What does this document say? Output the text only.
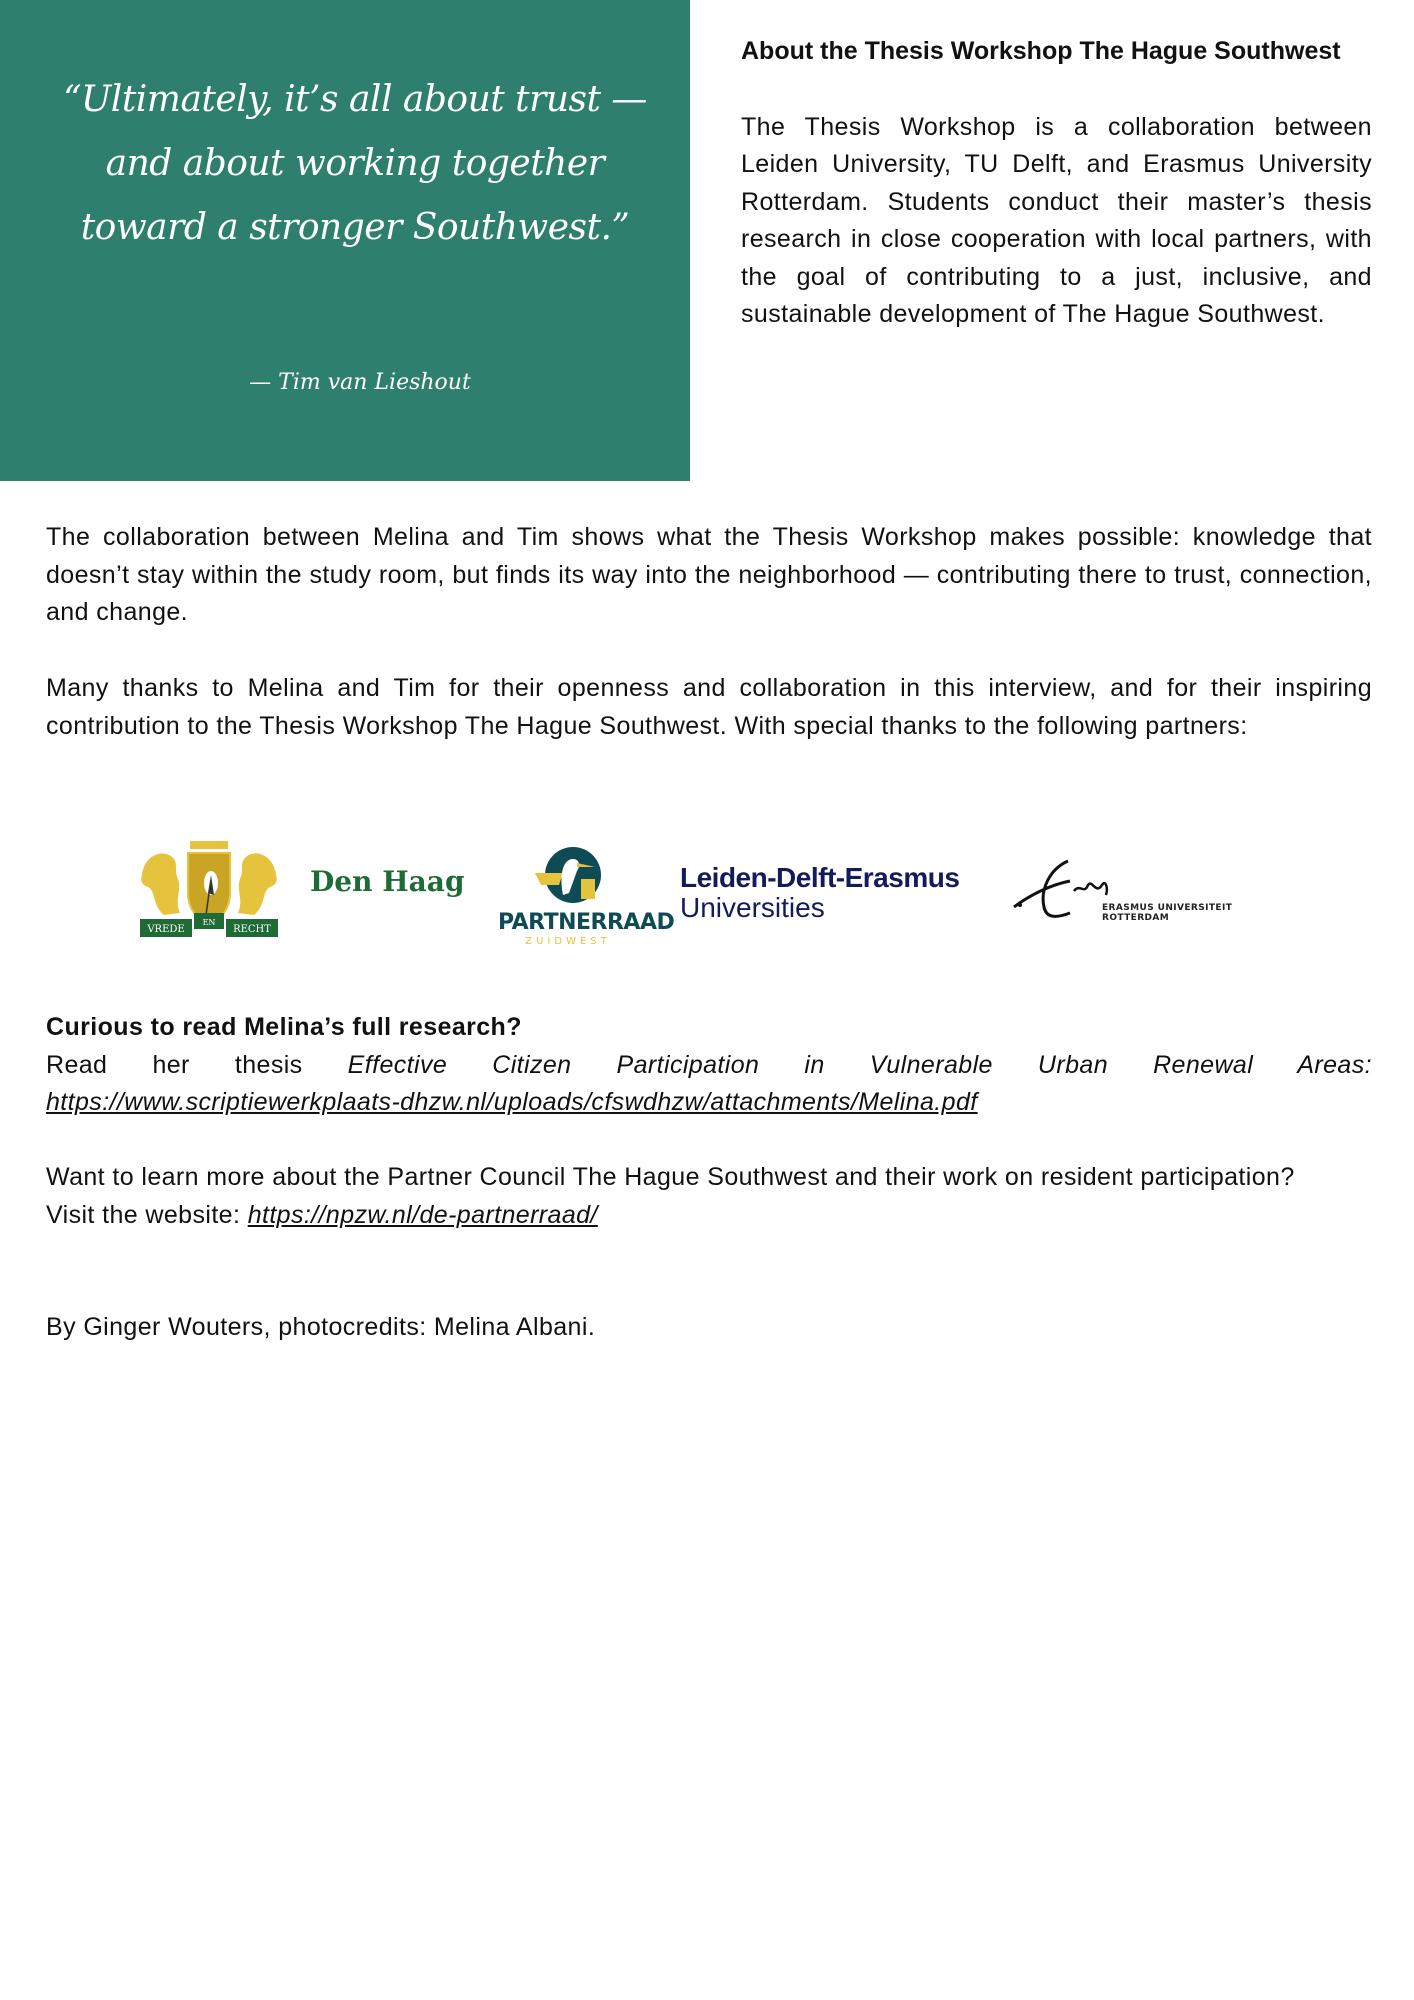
“Ultimately, it’s all about trust — and about working together toward a stronger Southwest.”
— Tim van Lieshout
About the Thesis Workshop The Hague Southwest

The Thesis Workshop is a collaboration between Leiden University, TU Delft, and Erasmus University Rotterdam. Students conduct their master’s thesis research in close cooperation with local partners, with the goal of contributing to a just, inclusive, and sustainable development of The Hague Southwest.

The collaboration between Melina and Tim shows what the Thesis Workshop makes possible: knowledge that doesn’t stay within the study room, but finds its way into the neighborhood — contributing there to trust, connection, and change.

Many thanks to Melina and Tim for their openness and collaboration in this interview, and for their inspiring contribution to the Thesis Workshop The Hague Southwest. With special thanks to the following partners:

VREDE
EN
RECHT
Den Haag
PARTNERRAAD
ZUIDWEST
Leiden-Delft-Erasmus
Universities	ERASMUS UNIVERSITEIT ROTTERDAM
Curious to read Melina’s full research?
Read her thesis Effective Citizen Participation in Vulnerable Urban Renewal Areas:
https://www.scriptiewerkplaats-dhzw.nl/uploads/cfswdhzw/attachments/Melina.pdf
Want to learn more about the Partner Council The Hague Southwest and their work on resident participation?
Visit the website: https://npzw.nl/de-partnerraad/
By Ginger Wouters, photocredits: Melina Albani.
